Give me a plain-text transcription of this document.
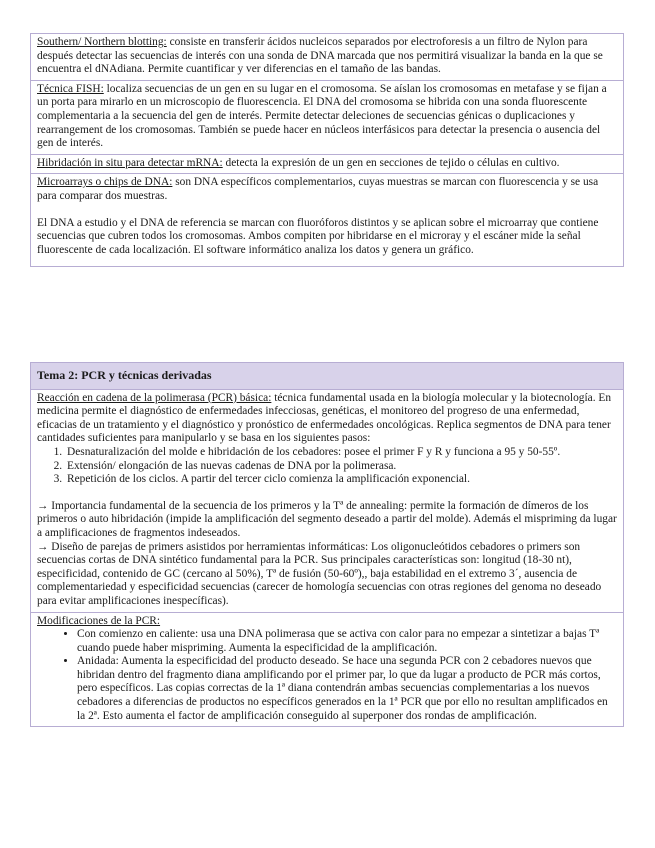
Southern/ Northern blotting: consiste en transferir ácidos nucleicos separados por electroforesis a un filtro de Nylon para después detectar las secuencias de interés con una sonda de DNA marcada que nos permitirá visualizar la banda en la que se encuentra el dNAdiana. Permite cuantificar y ver diferencias en el tamaño de las bandas.

Técnica FISH: localiza secuencias de un gen en su lugar en el cromosoma. Se aíslan los cromosomas en metafase y se fijan a un porta para mirarlo en un microscopio de fluorescencia. El DNA del cromosoma se hibrida con una sonda fluorescente complementaria a la secuencia del gen de interés. Permite detectar deleciones de secuencias génicas o duplicaciones y rearrangement de los cromosomas. También se puede hacer en núcleos interfásicos para detectar la presencia o ausencia del gen de interés.

Hibridación in situ para detectar mRNA: detecta la expresión de un gen en secciones de tejido o células en cultivo.

Microarrays o chips de DNA: son DNA específicos complementarios, cuyas muestras se marcan con fluorescencia y se usa para comparar dos muestras.

El DNA a estudio y el DNA de referencia se marcan con fluoróforos distintos y se aplican sobre el microarray que contiene secuencias que cubren todos los cromosomas. Ambos compiten por hibridarse en el microray y el escáner mide la señal fluorescente de cada localización. El software informático analiza los datos y genera un gráfico.

Tema 2: PCR y técnicas derivadas

Reacción en cadena de la polimerasa (PCR) básica: técnica fundamental usada en la biología molecular y la biotecnología. En medicina permite el diagnóstico de enfermedades infecciosas, genéticas, el monitoreo del progreso de una enfermedad, eficacias de un tratamiento y el diagnóstico y pronóstico de enfermedades oncológicas. Replica segmentos de DNA para tener cantidades suficientes para manipularlo y se basa en los siguientes pasos:

1. Desnaturalización del molde e hibridación de los cebadores: posee el primer F y R y funciona a 95 y 50-55º.
2. Extensión/ elongación de las nuevas cadenas de DNA por la polimerasa.
3. Repetición de los ciclos. A partir del tercer ciclo comienza la amplificación exponencial.

→ Importancia fundamental de la secuencia de los primeros y la Tª de annealing: permite la formación de dímeros de los primeros o auto hibridación (impide la amplificación del segmento deseado a partir del molde). Además el mispriming da lugar a amplificaciones de fragmentos indeseados.

→ Diseño de parejas de primers asistidos por herramientas informáticas: Los oligonucleótidos cebadores o primers son secuencias cortas de DNA sintético fundamental para la PCR. Sus principales características son: longitud (18-30 nt), especificidad, contenido de GC (cercano al 50%), Tª de fusión (50-60º),, baja estabilidad en el extremo 3´, ausencia de complementariedad y especificidad secuencias (carecer de homología secuencias con otras regiones del genoma no deseado para evitar amplificaciones inespecíficas).

Modificaciones de la PCR:

• Con comienzo en caliente: usa una DNA polimerasa que se activa con calor para no empezar a sintetizar a bajas Tª cuando puede haber mispriming. Aumenta la especificidad de la amplificación.
• Anidada: Aumenta la especificidad del producto deseado. Se hace una segunda PCR con 2 cebadores nuevos que hibridan dentro del fragmento diana amplificando por el primer par, lo que da lugar a producto de PCR más cortos, pero específicos. Las copias correctas de la 1ª diana contendrán ambas secuencias complementarias a los nuevos cebadores a diferencias de productos no específicos generados en la 1ª PCR que por ello no resultan amplificados en la 2ª. Esto aumenta el factor de amplificación conseguido al superponer dos rondas de amplificación.
